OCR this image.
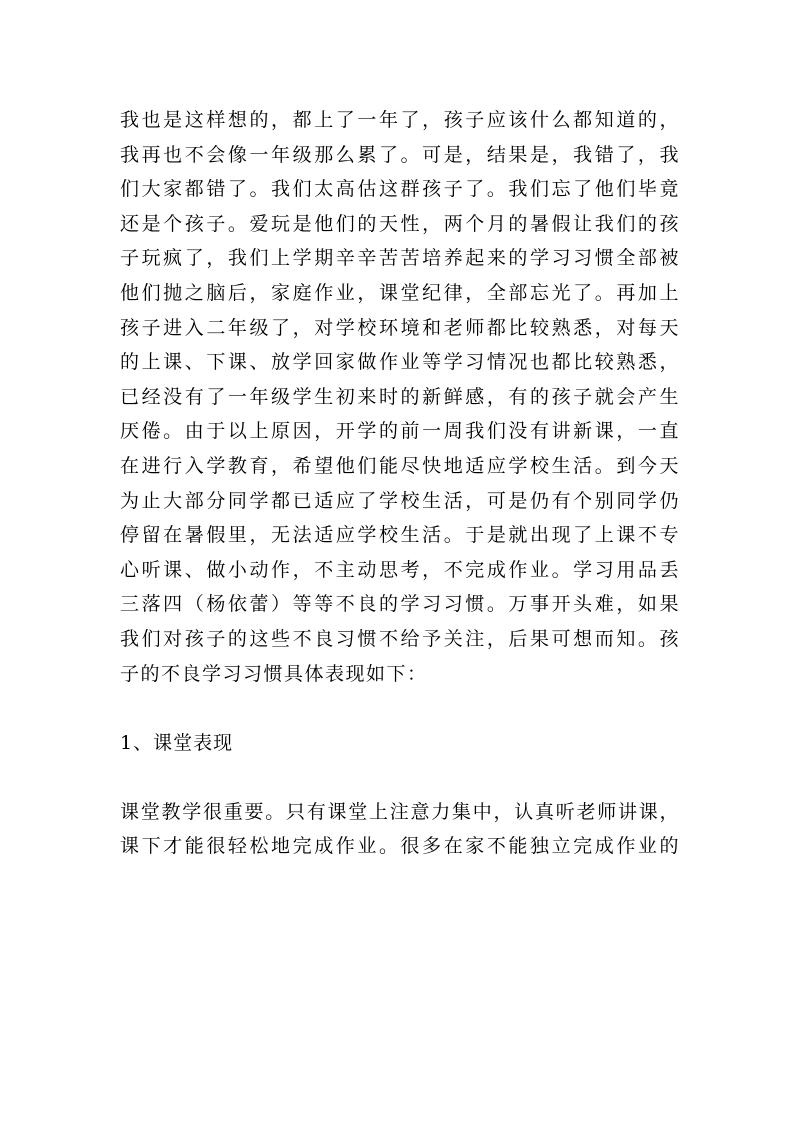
我也是这样想的，都上了一年了，孩子应该什么都知道的，
我再也不会像一年级那么累了。可是，结果是，我错了，我
们大家都错了。我们太高估这群孩子了。我们忘了他们毕竟
还是个孩子。爱玩是他们的天性，两个月的暑假让我们的孩
子玩疯了，我们上学期辛辛苦苦培养起来的学习习惯全部被
他们抛之脑后，家庭作业，课堂纪律，全部忘光了。再加上
孩子进入二年级了，对学校环境和老师都比较熟悉，对每天
的上课、下课、放学回家做作业等学习情况也都比较熟悉，
已经没有了一年级学生初来时的新鲜感，有的孩子就会产生
厌倦。由于以上原因，开学的前一周我们没有讲新课，一直
在进行入学教育，希望他们能尽快地适应学校生活。到今天
为止大部分同学都已适应了学校生活，可是仍有个别同学仍
停留在暑假里，无法适应学校生活。于是就出现了上课不专
心听课、做小动作，不主动思考，不完成作业。学习用品丢
三落四（杨依蕾）等等不良的学习习惯。万事开头难，如果
我们对孩子的这些不良习惯不给予关注，后果可想而知。孩
子的不良学习习惯具体表现如下：
1、课堂表现
课堂教学很重要。只有课堂上注意力集中，认真听老师讲课，
课下才能很轻松地完成作业。很多在家不能独立完成作业的
